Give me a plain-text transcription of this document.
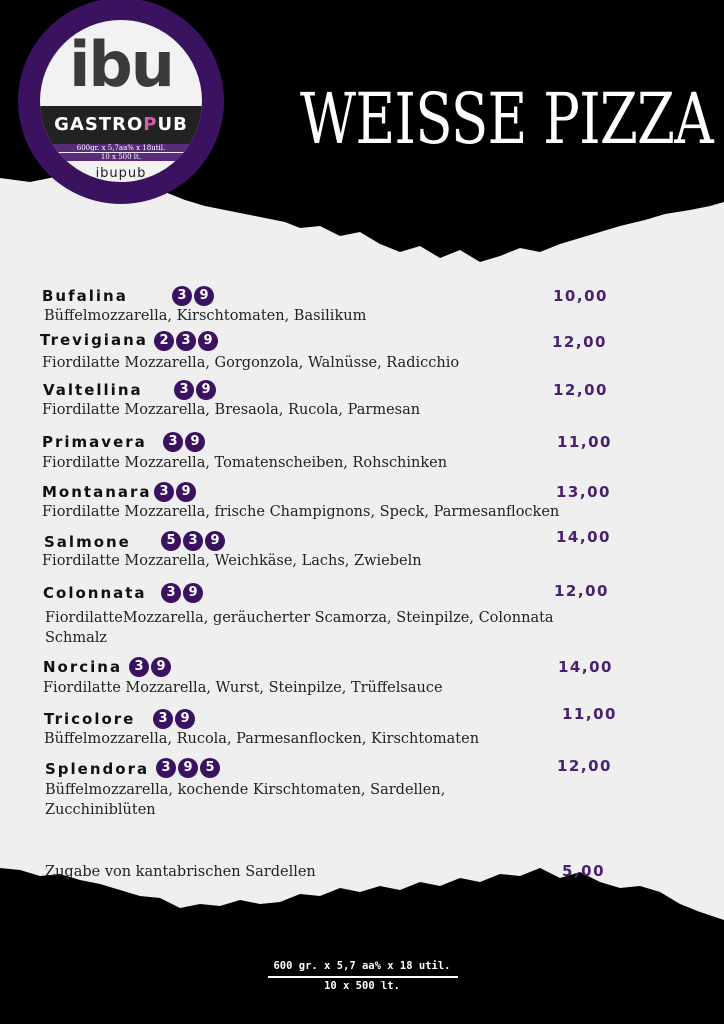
ibu
GASTROPUB
600gr. x 5,7aa% x 18util.
10 x 500 lt.
ibupub
WEISSE PIZZA
Bufalina	3 9	10,00
Büffelmozzarella, Kirschtomaten, Basilikum
Trevigiana 2 3 9	12,00
Fiordilatte Mozzarella, Gorgonzola, Walnüsse, Radicchio
Valtellina	3 9	12,00
Fiordilatte Mozzarella, Bresaola, Rucola, Parmesan
Primavera	3 9	11,00
Fiordilatte Mozzarella, Tomatenscheiben, Rohschinken
Montanara 3 9	13,00
Fiordilatte Mozzarella, frische Champignons, Speck, Parmesanflocken
Salmone	5 3 9	14,00
Fiordilatte Mozzarella, Weichkäse, Lachs, Zwiebeln
Colonnata	3 9	12,00
FiordilatteMozzarella, geräucherter Scamorza, Steinpilze, Colonnata
Schmalz
Norcina 3 9	14,00
Fiordilatte Mozzarella, Wurst, Steinpilze, Trüffelsauce
Tricolore	3 9	11,00
Büffelmozzarella, Rucola, Parmesanflocken, Kirschtomaten
Splendora 3 9 5	12,00
Büffelmozzarella, kochende Kirschtomaten, Sardellen,
Zucchiniblüten
Zugabe von kantabrischen Sardellen	5,00
600 gr. x 5,7 aa% x 18 util.
10 x 500 lt.
